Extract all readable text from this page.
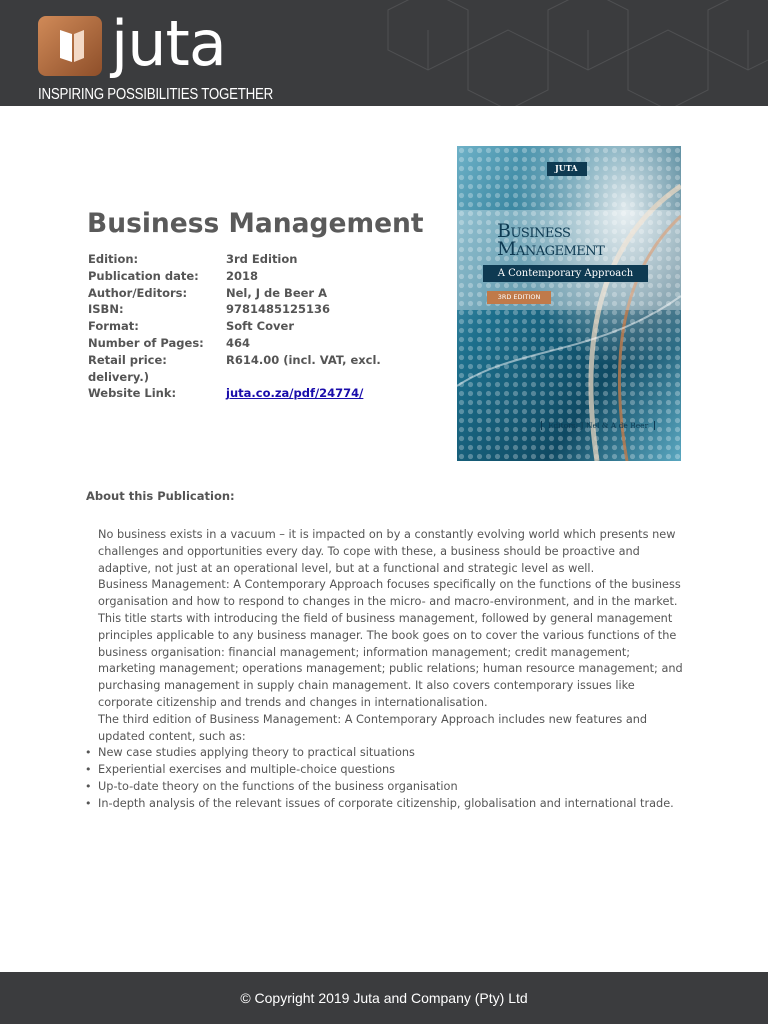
juta
INSPIRING POSSIBILITIES TOGETHER
Business Management
Edition:	3rd Edition
Publication date: 2018
Author/Editors:	Nel, J de Beer A
ISBN:	9781485125136
Format:	Soft Cover
Number of Pages: 464
Retail price:	R614.00 (incl. VAT, excl.
delivery.)
Website Link:	juta.co.za/pdf/24774/
JUTA
Business
Management
A Contemporary Approach
3RD EDITION
Editors: J Nel & A de Beer
About this Publication:

No business exists in a vacuum – it is impacted on by a constantly evolving world which presents new challenges and opportunities every day. To cope with these, a business should be proactive and adaptive, not just at an operational level, but at a functional and strategic level as well.

Business Management: A Contemporary Approach focuses specifically on the functions of the business organisation and how to respond to changes in the micro- and macro-environment, and in the market.

This title starts with introducing the field of business management, followed by general management principles applicable to any business manager. The book goes on to cover the various functions of the business organisation: financial management; information management; credit management; marketing management; operations management; public relations; human resource management; and purchasing management in supply chain management. It also covers contemporary issues like corporate citizenship and trends and changes in internationalisation.

The third edition of Business Management: A Contemporary Approach includes new features and updated content, such as:

• New case studies applying theory to practical situations
• Experiential exercises and multiple-choice questions
• Up-to-date theory on the functions of the business organisation
• In-depth analysis of the relevant issues of corporate citizenship, globalisation and international trade.
© Copyright 2019 Juta and Company (Pty) Ltd
